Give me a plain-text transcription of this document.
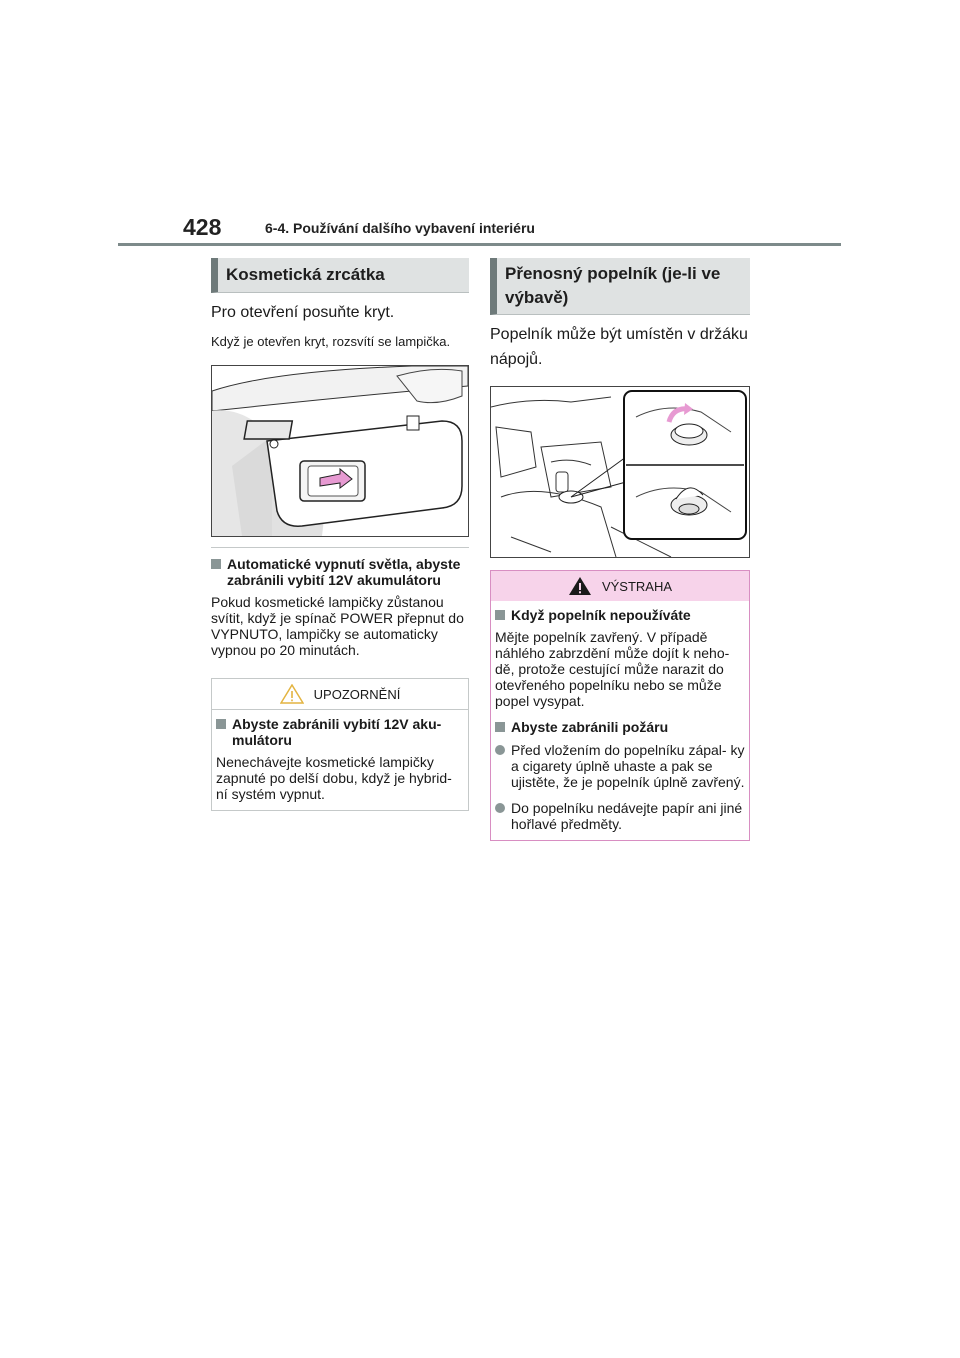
428	6-4. Používání dalšího vybavení interiéru
Kosmetická zrcátka

Pro otevření posuňte kryt.

Když je otevřen kryt, rozsvítí se lampička.

Automatické vypnutí světla, abyste zabránili vybití 12V akumulátoru

Pokud kosmetické lampičky zůstanou svítit, když je spínač POWER přepnut do VYPNUTO, lampičky se automaticky vypnou po 20 minutách.

UPOZORNĚNÍ
Abyste zabránili vybití 12V aku- mulátoru

Nenechávejte kosmetické lampičky zapnuté po delší dobu, když je hybrid- ní systém vypnut.

Přenosný popelník (je-li ve výbavě)

Popelník může být umístěn v držáku nápojů.

VÝSTRAHA
Když popelník nepoužíváte

Mějte popelník zavřený. V případě náhlého zabrzdění může dojít k neho- dě, protože cestující může narazit do otevřeného popelníku nebo se může popel vysypat.

Abyste zabránili požáru
Před vložením do popelníku zápal- ky a cigarety úplně uhaste a pak se ujistěte, že je popelník úplně zavřený.
Do popelníku nedávejte papír ani jiné hořlavé předměty.
